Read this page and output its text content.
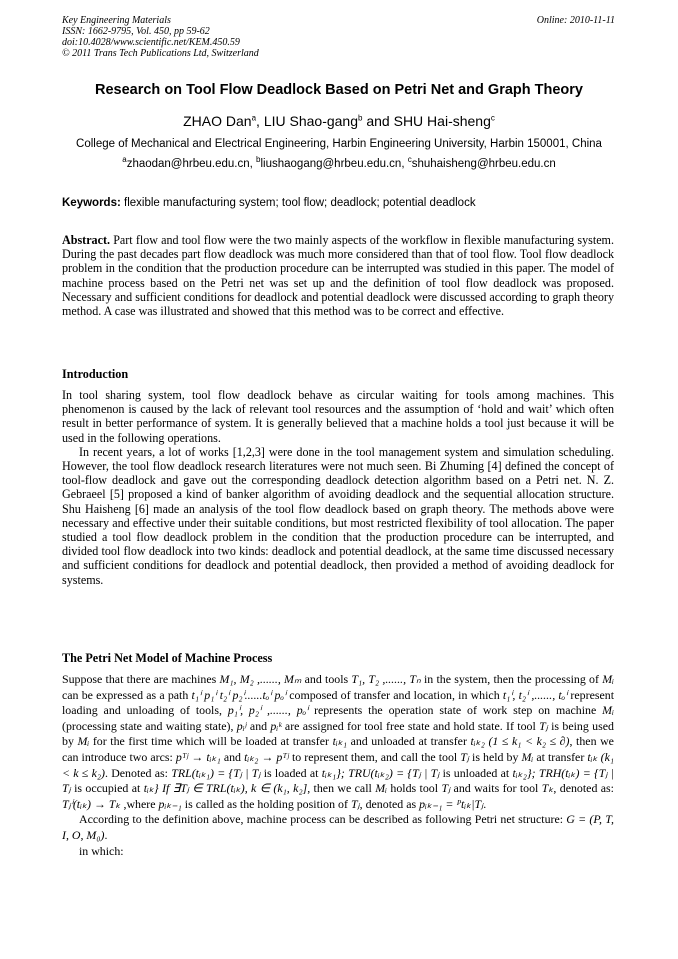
Key Engineering Materials
ISSN: 1662-9795, Vol. 450, pp 59-62
doi:10.4028/www.scientific.net/KEM.450.59
© 2011 Trans Tech Publications Ltd, Switzerland
Online: 2010-11-11
Research on Tool Flow Deadlock Based on Petri Net and Graph Theory
ZHAO Dan$^a$, LIU Shao-gang$^b$ and SHU Hai-sheng$^c$
College of Mechanical and Electrical Engineering, Harbin Engineering University, Harbin 150001, China
$^a$zhaodan@hrbeu.edu.cn, $^b$liushaogang@hrbeu.edu.cn, $^c$shuhaisheng@hrbeu.edu.cn
Keywords: flexible manufacturing system; tool flow; deadlock; potential deadlock

Abstract. Part flow and tool flow were the two mainly aspects of the workflow in flexible manufacturing system. During the past decades part flow deadlock was much more considered than that of tool flow. Tool flow deadlock problem in the condition that the production procedure can be interrupted was studied in this paper. The model of machine process based on the Petri net was set up and the definition of tool flow deadlock was proposed. Necessary and sufficient conditions for deadlock and potential deadlock were discussed according to graph theory method. A case was illustrated and showed that this method was to be correct and effective.

Introduction

In tool sharing system, tool flow deadlock behave as circular waiting for tools among machines. This phenomenon is caused by the lack of relevant tool resources and the assumption of ‘hold and wait’ which often result in better performance of system. It is generally believed that a machine holds a tool just because it will be used in the following operations.

In recent years, a lot of works [1,2,3] were done in the tool management system and simulation scheduling. However, the tool flow deadlock research literatures were not much seen. Bi Zhuming [4] defined the concept of tool-flow deadlock and gave out the corresponding deadlock detection algorithm based on a Petri net. N. Z. Gebraeel [5] proposed a kind of banker algorithm of avoiding deadlock and the sequential allocation structure. Shu Haisheng [6] made an analysis of the tool flow deadlock based on graph theory. The methods above were necessary and effective under their suitable conditions, but most restricted flexibility of tool allocation. The paper studied a tool flow deadlock problem in the condition that the production procedure can be interrupted, and divided tool flow deadlock into two kinds: deadlock and potential deadlock, at the same time discussed necessary and sufficient conditions for deadlock and potential deadlock, then provided a method of avoiding deadlock for systems.

The Petri Net Model of Machine Process

Suppose that there are machines M₁, M₂ ,......, Mₘ and tools T₁, T₂ ,......, Tₙ in the system, then the processing of Mᵢ can be expressed as a path t₁ⁱ p₁ⁱ t₂ⁱ p₂ⁱ......tₒⁱ pₒⁱ composed of transfer and location, in which t₁ⁱ, t₂ⁱ ,......, tₒⁱ represent loading and unloading of tools, p₁ⁱ, p₂ⁱ ,......, pₒⁱ represents the operation state of work step on machine Mᵢ (processing state and waiting state), pᵢʲ and pᵢᵏ are assigned for tool free state and hold state. If tool Tⱼ is being used by Mᵢ for the first time which will be loaded at transfer tᵢₖ₁ and unloaded at transfer tᵢₖ₂ (1 ≤ k₁ < k₂ ≤ ∂), then we can introduce two arcs: pᵀʲ → tᵢₖ₁ and tᵢₖ₂ → pᵀʲ to represent them, and call the tool Tⱼ is held by Mᵢ at transfer tᵢₖ (k₁ < k ≤ k₂). Denoted as: TRL(tᵢₖ₁) = {Tⱼ | Tⱼ is loaded at tᵢₖ₁}; TRU(tᵢₖ₂) = {Tⱼ | Tⱼ is unloaded at tᵢₖ₂}; TRH(tᵢₖ) = {Tⱼ | Tⱼ is occupied at tᵢₖ} If ∃Tⱼ ∈ TRL(tᵢₖ), k ∈ (k₁, k₂], then we call Mᵢ holds tool Tⱼ and waits for tool Tₖ, denoted as: Tⱼⁱ(tᵢₖ) → Tₖ ,where pᵢₖ₋₁ is called as the holding position of Tⱼ, denoted as pᵢₖ₋₁ = ᴾtᵢₖ|Tⱼ.

According to the definition above, machine process can be described as following Petri net structure: G = (P, T, I, O, M₀).

in which:
